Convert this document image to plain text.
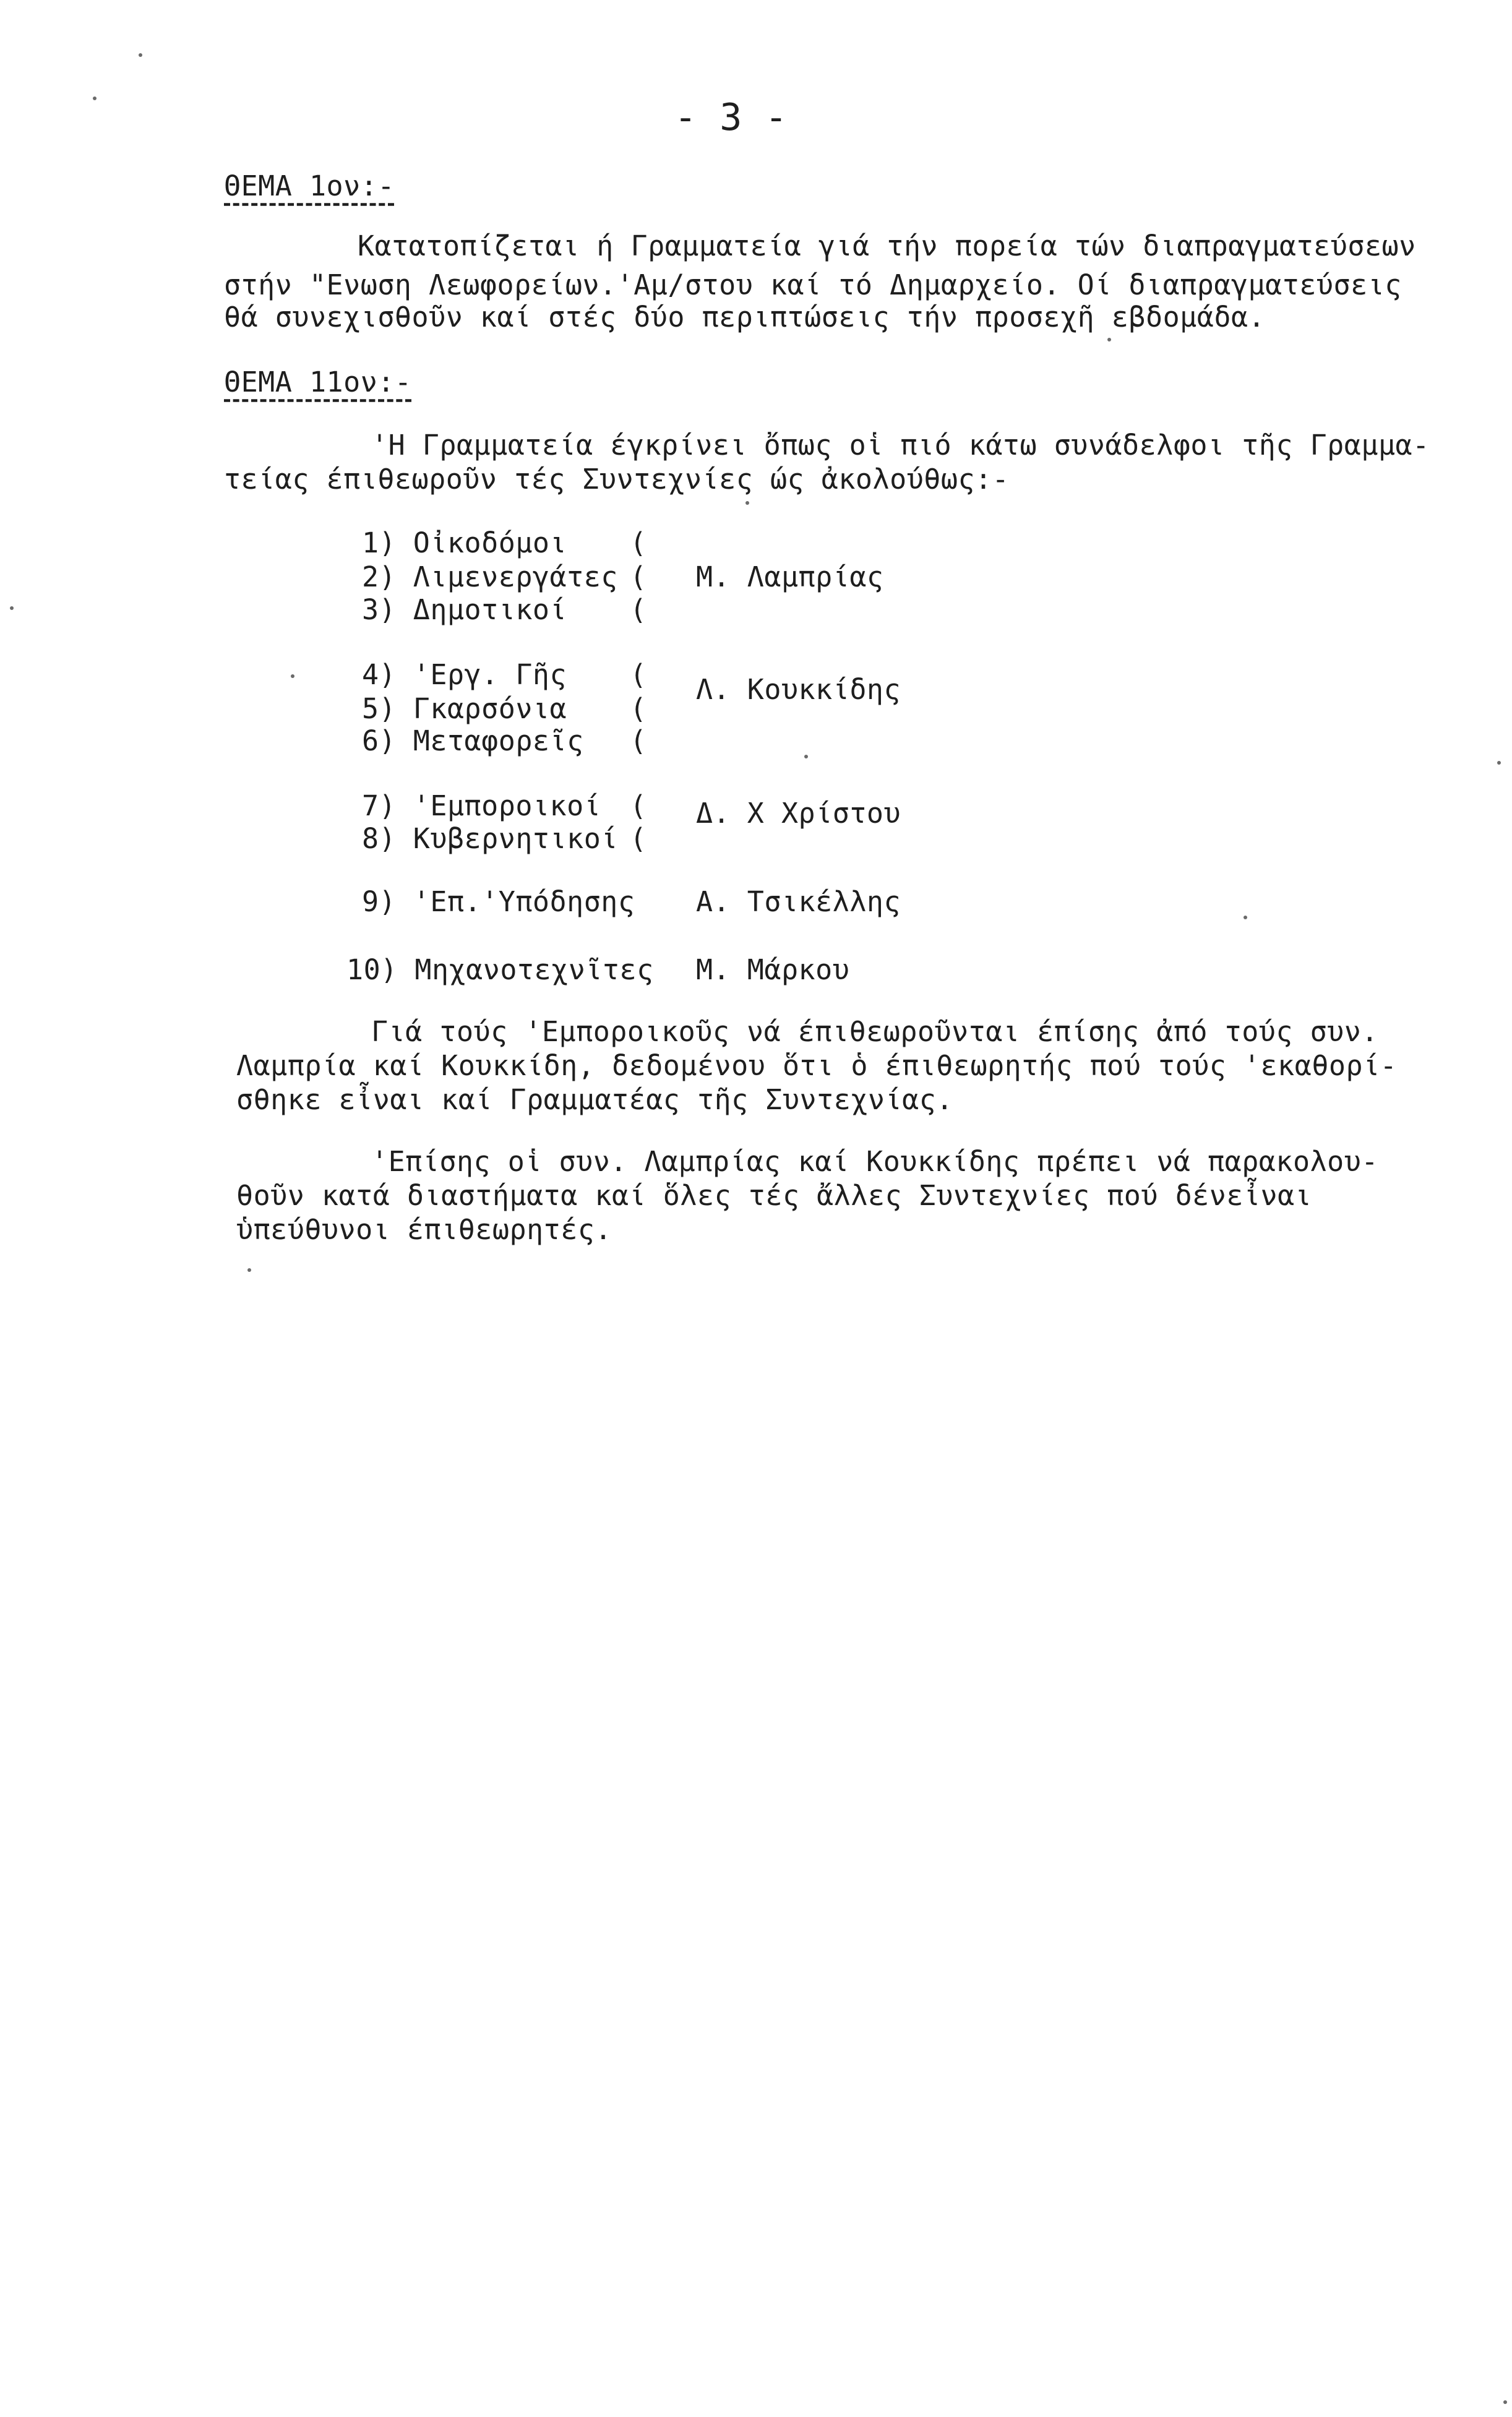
- 3 -
ΘΕΜΑ 1ον:-
Κατατοπίζεται ή Γραμματεία γιά τήν πορεία τών διαπραγματεύσεων
στήν "Ενωση Λεωφορείων.'Αμ/στου καί τό Δημαρχείο. Οί διαπραγματεύσεις
θά συνεχισθοῦν καί στές δύο περιπτώσεις τήν προσεχῆ εβδομάδα.
ΘΕΜΑ 11ον:-
'Η Γραμματεία έγκρίνει ὄπως οἱ πιό κάτω συνάδελφοι τῆς Γραμμα-
τείας έπιθεωροῦν τές Συντεχνίες ώς ἀκολούθως:-
1) Οἰκοδόμοι
2) Λιμενεργάτες
3) Δημοτικοί
(
(
(
Μ. Λαμπρίας
4) 'Εργ. Γῆς
5) Γκαρσόνια
6) Μεταφορεῖς
(
(
(
Λ. Κουκκίδης
7) 'Εμποροικοί
8) Κυβερνητικοί
(
(
Δ. Χ Χρίστου
9) 'Επ.'Υπόδησης Α. Τσικέλλης
10) Μηχανοτεχνῖτες Μ. Μάρκου
Γιά τούς 'Εμποροικοῦς νά έπιθεωροῦνται έπίσης ἀπό τούς συν.
Λαμπρία καί Κουκκίδη, δεδομένου ὅτι ὁ έπιθεωρητής πού τούς 'εκαθορί-
σθηκε εἶναι καί Γραμματέας τῆς Συντεχνίας.
'Επίσης οἱ συν. Λαμπρίας καί Κουκκίδης πρέπει νά παρακολου-
θοῦν κατά διαστήματα καί ὅλες τές ἄλλες Συντεχνίες πού δένεἶναι
ὑπεύθυνοι έπιθεωρητές.
